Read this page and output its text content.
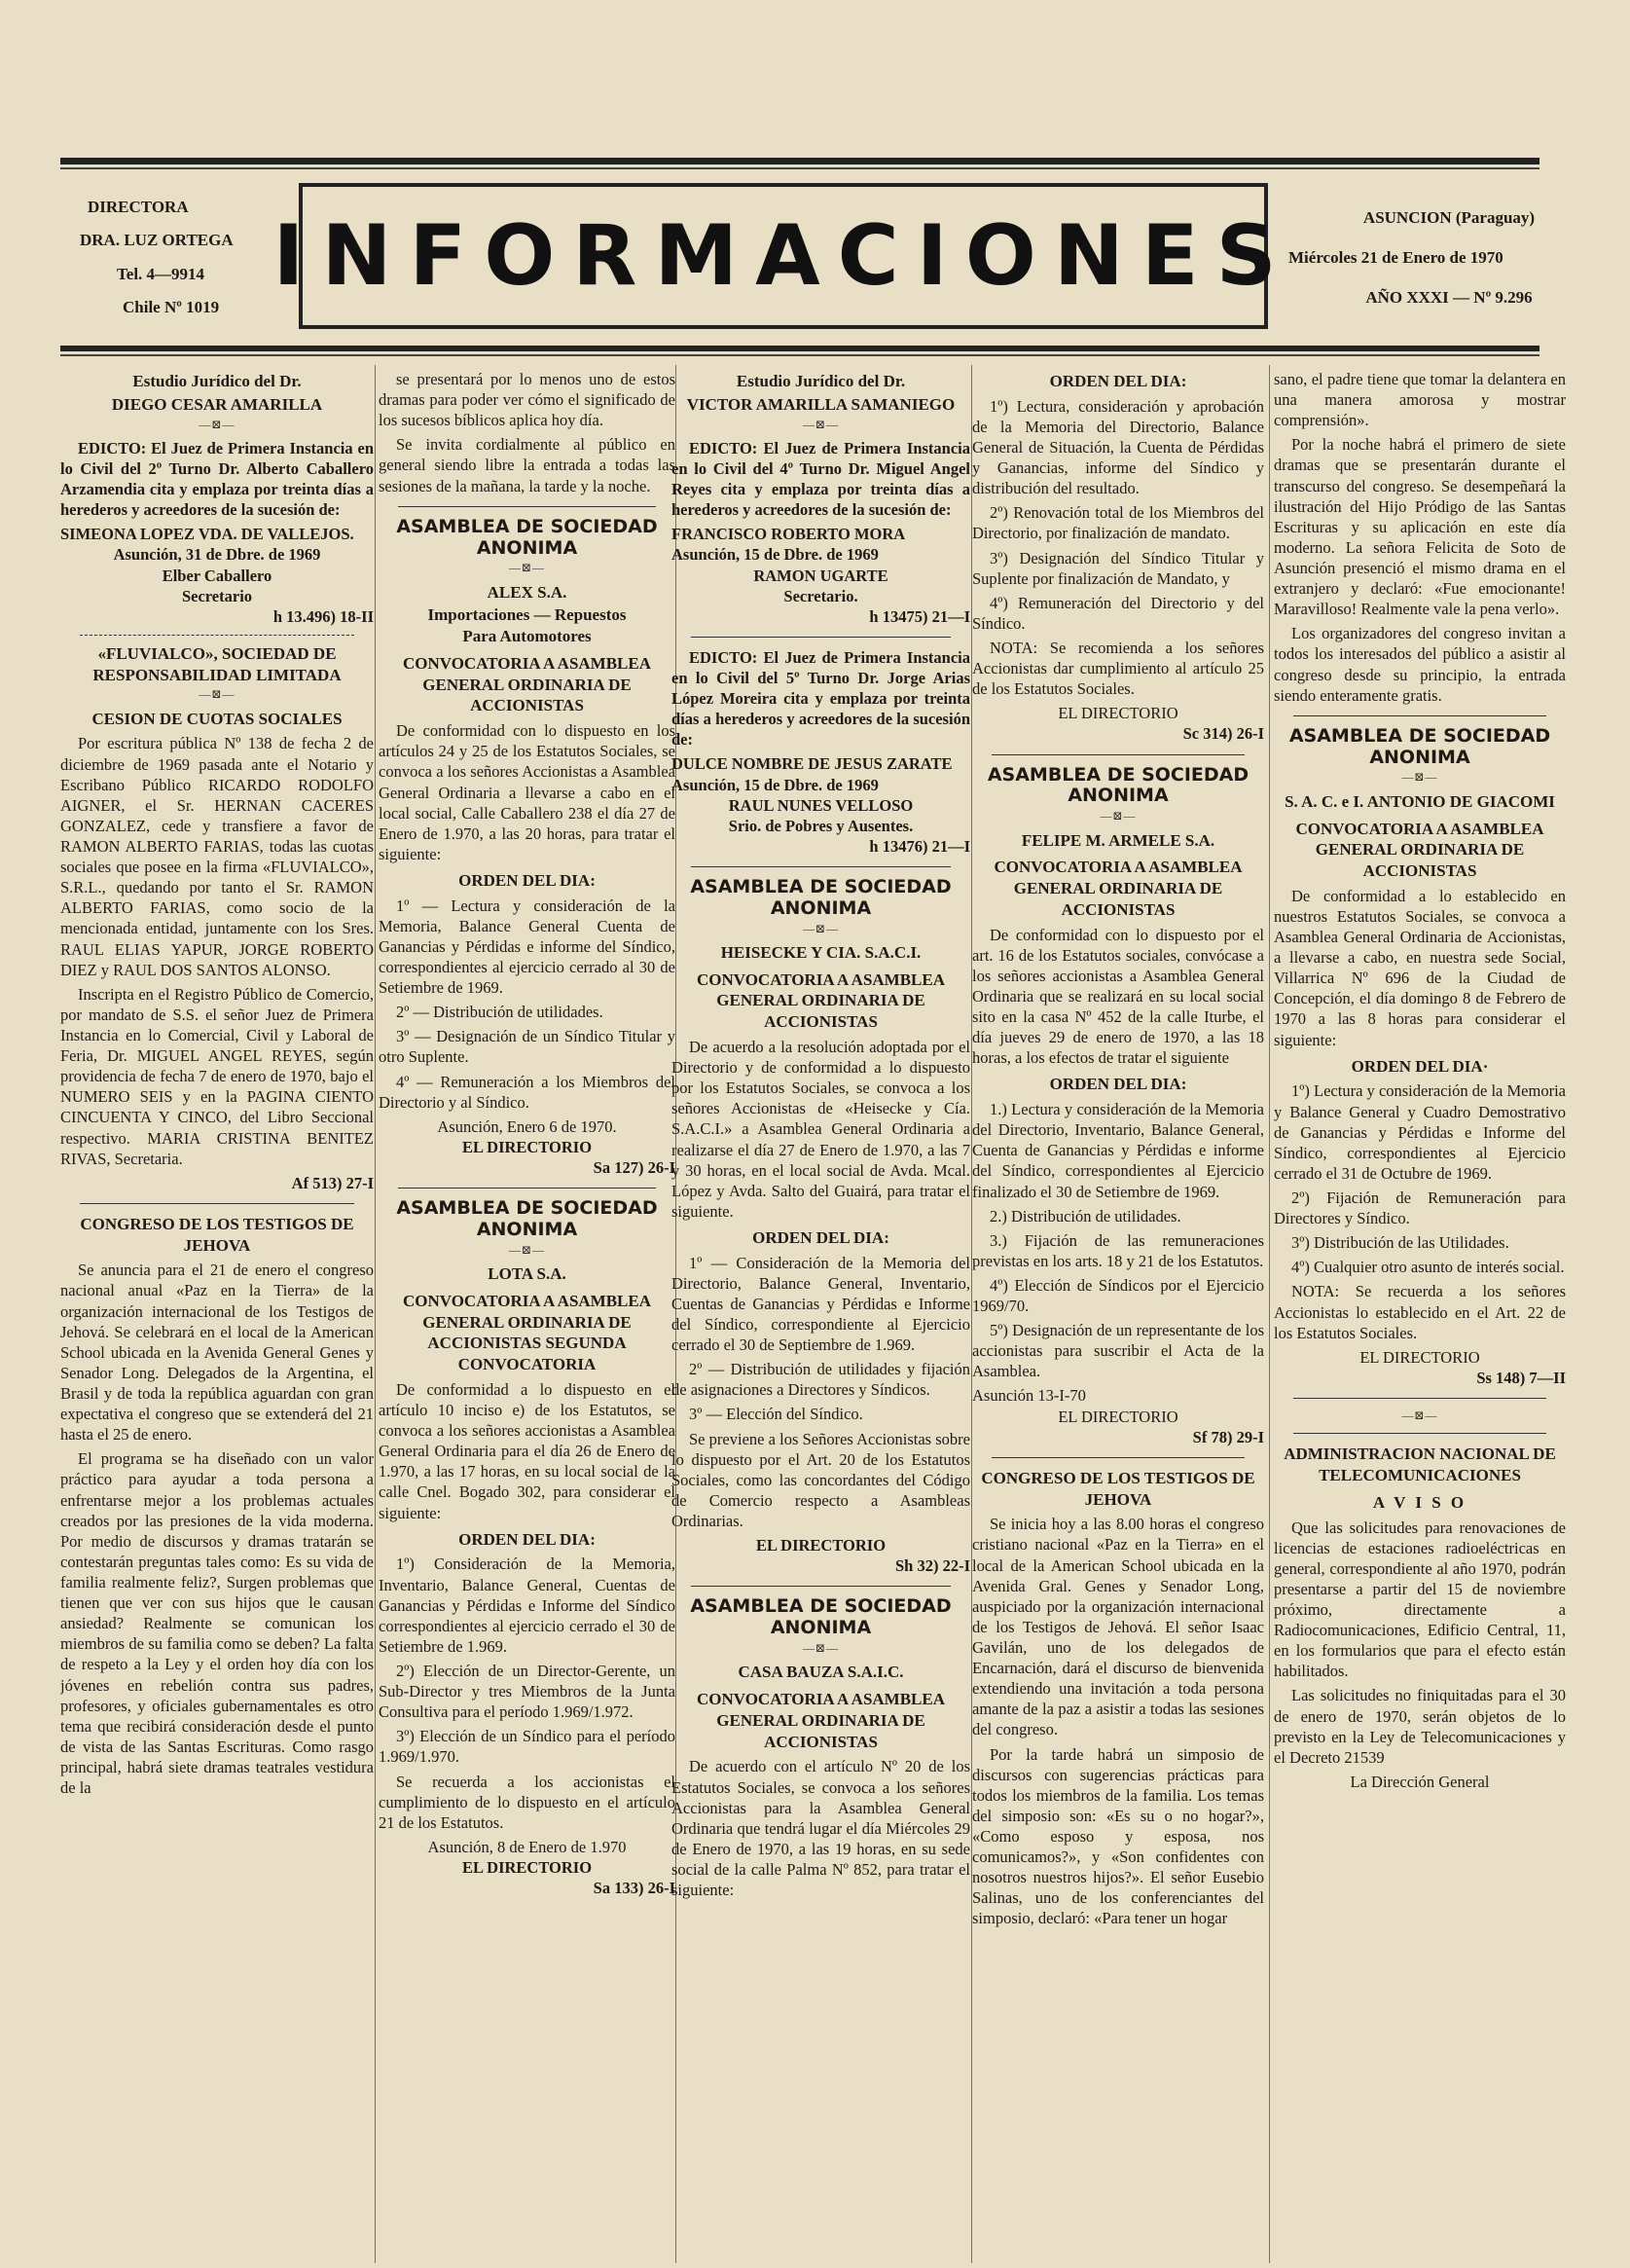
DIRECTORA
DRA. LUZ ORTEGA
Tel. 4—9914
Chile Nº 1019
INFORMACIONES	ASUNCION (Paraguay)
Miércoles 21 de Enero de 1970
AÑO XXXI — Nº 9.296
Estudio Jurídico del Dr.
DIEGO CESAR AMARILLA
—⊠—

EDICTO: El Juez de Primera Instancia en lo Civil del 2º Turno Dr. Alberto Caballero Arzamendia cita y emplaza por treinta días a herederos y acreedores de la sucesión de:

SIMEONA LOPEZ VDA. DE VALLEJOS.
Asunción, 31 de Dbre. de 1969
Elber Caballero
Secretario
h 13.496) 18-II
«FLUVIALCO», SOCIEDAD DE RESPONSABILIDAD LIMITADA
—⊠—
CESION DE CUOTAS SOCIALES

Por escritura pública Nº 138 de fecha 2 de diciembre de 1969 pasada ante el Notario y Escribano Público RICARDO RODOLFO AIGNER, el Sr. HERNAN CACERES GONZALEZ, cede y transfiere a favor de RAMON ALBERTO FARIAS, todas las cuotas sociales que posee en la firma «FLUVIALCO», S.R.L., quedando por tanto el Sr. RAMON ALBERTO FARIAS, como socio de la mencionada entidad, juntamente con los Sres. RAUL ELIAS YAPUR, JORGE ROBERTO DIEZ y RAUL DOS SANTOS ALONSO.

Inscripta en el Registro Público de Comercio, por mandato de S.S. el señor Juez de Primera Instancia en lo Comercial, Civil y Laboral de Feria, Dr. MIGUEL ANGEL REYES, según providencia de fecha 7 de enero de 1970, bajo el NUMERO SEIS y en la PAGINA CIENTO CINCUENTA Y CINCO, del Libro Seccional respectivo. MARIA CRISTINA BENITEZ RIVAS, Secretaria.

Af 513) 27-I
CONGRESO DE LOS TESTIGOS DE JEHOVA

Se anuncia para el 21 de enero el congreso nacional anual «Paz en la Tierra» de la organización internacional de los Testigos de Jehová. Se celebrará en el local de la American School ubicada en la Avenida General Genes y Senador Long. Delegados de la Argentina, el Brasil y de toda la república aguardan con gran expectativa el congreso que se extenderá del 21 hasta el 25 de enero.

El programa se ha diseñado con un valor práctico para ayudar a toda persona a enfrentarse mejor a los problemas actuales creados por las presiones de la vida moderna. Por medio de discursos y dramas tratarán se contestarán preguntas tales como: Es su vida de familia realmente feliz?, Surgen problemas que tienen que ver con sus hijos que le causan ansiedad? Realmente se comunican los miembros de su familia como se deben? La falta de respeto a la Ley y el orden hoy día con los jóvenes en rebelión contra sus padres, profesores, y oficiales gubernamentales es otro tema que recibirá consideración desde el punto de vista de las Santas Escrituras. Como rasgo principal, habrá siete dramas teatrales vestidura de la

se presentará por lo menos uno de estos dramas para poder ver cómo el significado de los sucesos bíblicos aplica hoy día.

Se invita cordialmente al público en general siendo libre la entrada a todas las sesiones de la mañana, la tarde y la noche.

ASAMBLEA DE SOCIEDAD ANONIMA
—⊠—
ALEX S.A.
Importaciones — Repuestos
Para Automotores
CONVOCATORIA A ASAMBLEA GENERAL ORDINARIA DE ACCIONISTAS

De conformidad con lo dispuesto en los artículos 24 y 25 de los Estatutos Sociales, se convoca a los señores Accionistas a Asamblea General Ordinaria a llevarse a cabo en el local social, Calle Caballero 238 el día 27 de Enero de 1.970, a las 20 horas, para tratar el siguiente:

ORDEN DEL DIA:

1º — Lectura y consideración de la Memoria, Balance General Cuenta de Ganancias y Pérdidas e informe del Síndico, correspondientes al ejercicio cerrado al 30 de Setiembre de 1969.

2º — Distribución de utilidades.

3º — Designación de un Síndico Titular y otro Suplente.

4º — Remuneración a los Miembros del Directorio y al Síndico.

Asunción, Enero 6 de 1970.
EL DIRECTORIO
Sa 127) 26-I
ASAMBLEA DE SOCIEDAD ANONIMA
—⊠—
LOTA S.A.
CONVOCATORIA A ASAMBLEA GENERAL ORDINARIA DE ACCIONISTAS SEGUNDA CONVOCATORIA

De conformidad a lo dispuesto en el artículo 10 inciso e) de los Estatutos, se convoca a los señores accionistas a Asamblea General Ordinaria para el día 26 de Enero de 1.970, a las 17 horas, en su local social de la calle Cnel. Bogado 302, para considerar el siguiente:

ORDEN DEL DIA:

1º) Consideración de la Memoria, Inventario, Balance General, Cuentas de Ganancias y Pérdidas e Informe del Síndico correspondientes al ejercicio cerrado el 30 de Setiembre de 1.969.

2º) Elección de un Director-Gerente, un Sub-Director y tres Miembros de la Junta Consultiva para el período 1.969/1.972.

3º) Elección de un Síndico para el período 1.969/1.970.

Se recuerda a los accionistas el cumplimiento de lo dispuesto en el artículo 21 de los Estatutos.

Asunción, 8 de Enero de 1.970
EL DIRECTORIO
Sa 133) 26-I
Estudio Jurídico del Dr.
VICTOR AMARILLA SAMANIEGO
—⊠—

EDICTO: El Juez de Primera Instancia en lo Civil del 4º Turno Dr. Miguel Angel Reyes cita y emplaza por treinta días a herederos y acreedores de la sucesión de:

FRANCISCO ROBERTO MORA
Asunción, 15 de Dbre. de 1969
RAMON UGARTE
Secretario.
h 13475) 21—I

EDICTO: El Juez de Primera Instancia en lo Civil del 5º Turno Dr. Jorge Arias López Moreira cita y emplaza por treinta días a herederos y acreedores de la sucesión de:

DULCE NOMBRE DE JESUS ZARATE
Asunción, 15 de Dbre. de 1969
RAUL NUNES VELLOSO
Srio. de Pobres y Ausentes.
h 13476) 21—I
ASAMBLEA DE SOCIEDAD ANONIMA
—⊠—
HEISECKE Y CIA. S.A.C.I.
CONVOCATORIA A ASAMBLEA GENERAL ORDINARIA DE ACCIONISTAS

De acuerdo a la resolución adoptada por el Directorio y de conformidad a lo dispuesto por los Estatutos Sociales, se convoca a los señores Accionistas de «Heisecke y Cía. S.A.C.I.» a Asamblea General Ordinaria a realizarse el día 27 de Enero de 1.970, a las 7 y 30 horas, en el local social de Avda. Mcal. López y Avda. Salto del Guairá, para tratar el siguiente.

ORDEN DEL DIA:

1º — Consideración de la Memoria del Directorio, Balance General, Inventario, Cuentas de Ganancias y Pérdidas e Informe del Síndico, correspondiente al Ejercicio cerrado el 30 de Septiembre de 1.969.

2º — Distribución de utilidades y fijación de asignaciones a Directores y Síndicos.

3º — Elección del Síndico.

Se previene a los Señores Accionistas sobre lo dispuesto por el Art. 20 de los Estatutos Sociales, como las concordantes del Código de Comercio respecto a Asambleas Ordinarias.

EL DIRECTORIO
Sh 32) 22-I
ASAMBLEA DE SOCIEDAD ANONIMA
—⊠—
CASA BAUZA S.A.I.C.
CONVOCATORIA A ASAMBLEA GENERAL ORDINARIA DE ACCIONISTAS

De acuerdo con el artículo Nº 20 de los Estatutos Sociales, se convoca a los señores Accionistas para la Asamblea General Ordinaria que tendrá lugar el día Miércoles 29 de Enero de 1970, a las 19 horas, en su sede social de la calle Palma Nº 852, para tratar el siguiente:

ORDEN DEL DIA:

1º) Lectura, consideración y aprobación de la Memoria del Directorio, Balance General de Situación, la Cuenta de Pérdidas y Ganancias, informe del Síndico y distribución del resultado.

2º) Renovación total de los Miembros del Directorio, por finalización de mandato.

3º) Designación del Síndico Titular y Suplente por finalización de Mandato, y

4º) Remuneración del Directorio y del Síndico.

NOTA: Se recomienda a los señores Accionistas dar cumplimiento al artículo 25 de los Estatutos Sociales.

EL DIRECTORIO
Sc 314) 26-I
ASAMBLEA DE SOCIEDAD ANONIMA
—⊠—
FELIPE M. ARMELE S.A.
CONVOCATORIA A ASAMBLEA GENERAL ORDINARIA DE ACCIONISTAS

De conformidad con lo dispuesto por el art. 16 de los Estatutos sociales, convócase a los señores accionistas a Asamblea General Ordinaria que se realizará en su local social sito en la casa Nº 452 de la calle Iturbe, el día jueves 29 de enero de 1970, a las 18 horas, a los efectos de tratar el siguiente

ORDEN DEL DIA:

1.) Lectura y consideración de la Memoria del Directorio, Inventario, Balance General, Cuenta de Ganancias y Pérdidas e informe del Síndico, correspondientes al Ejercicio finalizado el 30 de Setiembre de 1969.

2.) Distribución de utilidades.

3.) Fijación de las remuneraciones previstas en los arts. 18 y 21 de los Estatutos.

4º) Elección de Síndicos por el Ejercicio 1969/70.

5º) Designación de un representante de los accionistas para suscribir el Acta de la Asamblea.

Asunción 13-I-70
EL DIRECTORIO
Sf 78) 29-I
CONGRESO DE LOS TESTIGOS DE JEHOVA

Se inicia hoy a las 8.00 horas el congreso cristiano nacional «Paz en la Tierra» en el local de la American School ubicada en la Avenida Gral. Genes y Senador Long, auspiciado por la organización internacional de los Testigos de Jehová. El señor Isaac Gavilán, uno de los delegados de Encarnación, dará el discurso de bienvenida extendiendo una invitación a toda persona amante de la paz a asistir a todas las sesiones del congreso.

Por la tarde habrá un simposio de discursos con sugerencias prácticas para todos los miembros de la familia. Los temas del simposio son: «Es su o no hogar?», «Como esposo y esposa, nos comunicamos?», y «Son confidentes con nosotros nuestros hijos?». El señor Eusebio Salinas, uno de los conferenciantes del simposio, declaró: «Para tener un hogar

sano, el padre tiene que tomar la delantera en una manera amorosa y mostrar comprensión».

Por la noche habrá el primero de siete dramas que se presentarán durante el transcurso del congreso. Se desempeñará la ilustración del Hijo Pródigo de las Santas Escrituras y su aplicación en este día moderno. La señora Felicita de Soto de Asunción presenció el mismo drama en el extranjero y declaró: «Fue emocionante! Maravilloso! Realmente vale la pena verlo».

Los organizadores del congreso invitan a todos los interesados del público a asistir al congreso desde su principio, la entrada siendo enteramente gratis.

ASAMBLEA DE SOCIEDAD ANONIMA
—⊠—
S. A. C. e I. ANTONIO DE GIACOMI
CONVOCATORIA A ASAMBLEA GENERAL ORDINARIA DE ACCIONISTAS

De conformidad a lo establecido en nuestros Estatutos Sociales, se convoca a Asamblea General Ordinaria de Accionistas, a llevarse a cabo, en nuestra sede Social, Villarrica Nº 696 de la Ciudad de Concepción, el día domingo 8 de Febrero de 1970 a las 8 horas para considerar el siguiente:

ORDEN DEL DIA·

1º) Lectura y consideración de la Memoria y Balance General y Cuadro Demostrativo de Ganancias y Pérdidas e Informe del Síndico, correspondientes al Ejercicio cerrado el 31 de Octubre de 1969.

2º) Fijación de Remuneración para Directores y Síndico.

3º) Distribución de las Utilidades.

4º) Cualquier otro asunto de interés social.

NOTA: Se recuerda a los señores Accionistas lo establecido en el Art. 22 de los Estatutos Sociales.

EL DIRECTORIO
Ss 148) 7—II
—⊠—
ADMINISTRACION NACIONAL DE TELECOMUNICACIONES
A V I S O

Que las solicitudes para renovaciones de licencias de estaciones radioeléctricas en general, correspondiente al año 1970, podrán presentarse a partir del 15 de noviembre próximo, directamente a Radiocomunicaciones, Edificio Central, 11, en los formularios que para el efecto están habilitados.

Las solicitudes no finiquitadas para el 30 de enero de 1970, serán objetos de lo previsto en la Ley de Telecomunicaciones y el Decreto 21539

La Dirección General
